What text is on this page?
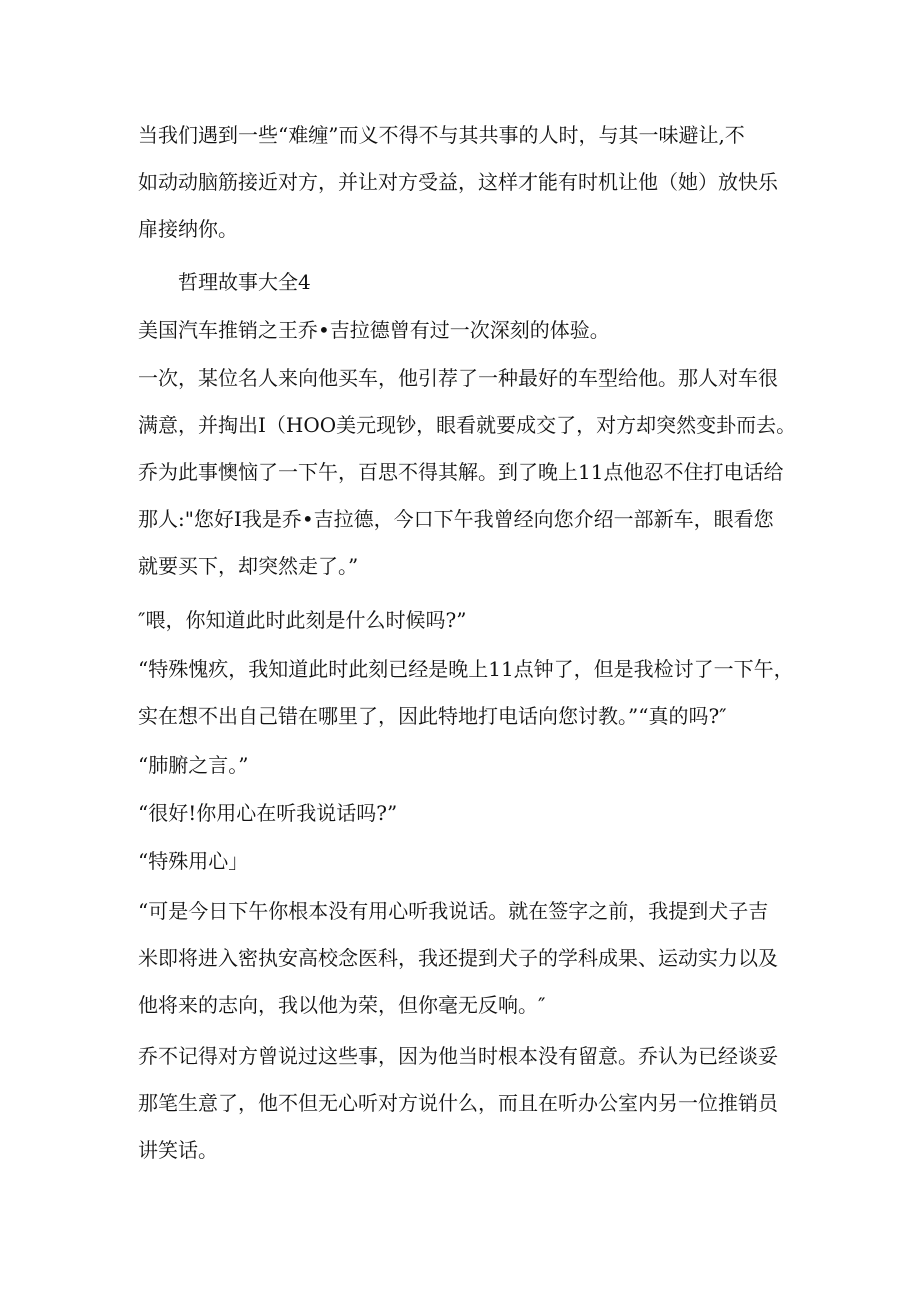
当我们遇到一些“难缠”而义不得不与其共事的人时，与其一味避让,不
如动动脑筋接近对方，并让对方受益，这样才能有时机让他（她）放快乐
扉接纳你。

哲理故事大全4

美国汽车推销之王乔•吉拉德曾有过一次深刻的体验。

一次，某位名人来向他买车，他引荐了一种最好的车型给他。那人对车很
满意，并掏出I（HOO美元现钞，眼看就要成交了，对方却突然变卦而去。
乔为此事懊恼了一下午，百思不得其解。到了晚上11点他忍不住打电话给
那人:"您好I我是乔•吉拉德，今口下午我曾经向您介绍一部新车，眼看您
就要买下，却突然走了。”

″喂，你知道此时此刻是什么时候吗?”

“特殊愧疚，我知道此时此刻已经是晚上11点钟了，但是我检讨了一下午，
实在想不出自己错在哪里了，因此特地打电话向您讨教。”“真的吗?″

“肺腑之言。”

“很好!你用心在听我说话吗?”

“特殊用心」

“可是今日下午你根本没有用心听我说话。就在签字之前，我提到犬子吉
米即将进入密执安高校念医科，我还提到犬子的学科成果、运动实力以及
他将来的志向，我以他为荣，但你毫无反响。″

乔不记得对方曾说过这些事，因为他当时根本没有留意。乔认为已经谈妥
那笔生意了，他不但无心听对方说什么，而且在听办公室内另一位推销员
讲笑话。
